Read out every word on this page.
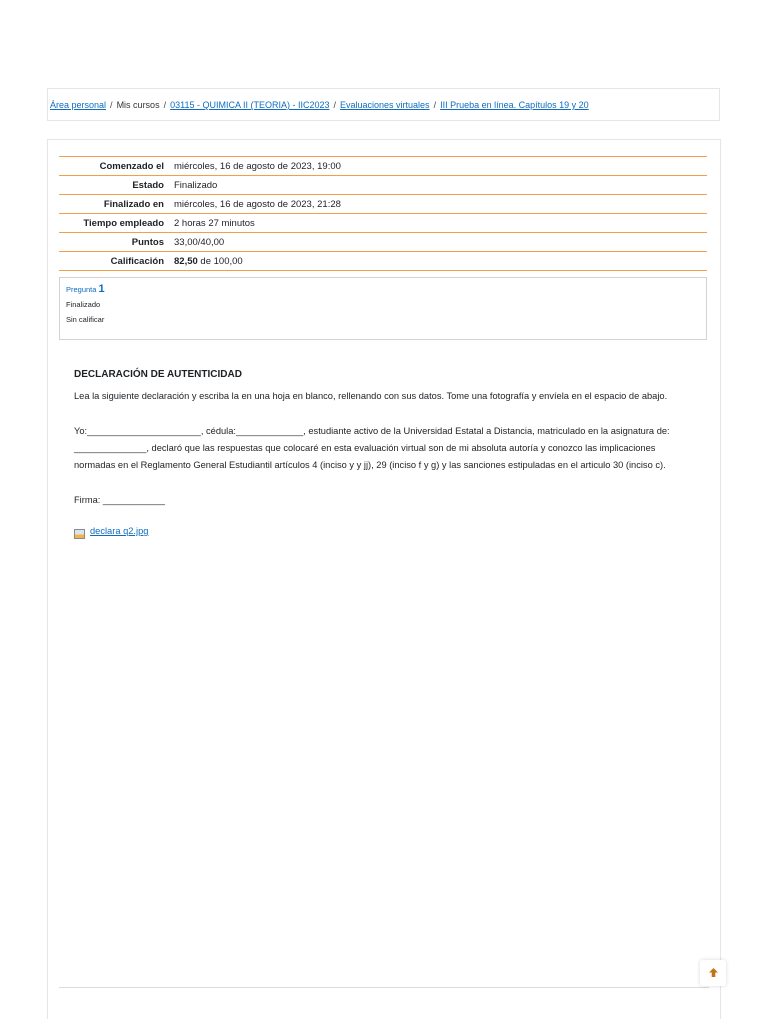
Área personal / Mis cursos / 03115 - QUIMICA II (TEORIA) - IIC2023 / Evaluaciones virtuales / III Prueba en línea. Capítulos 19 y 20
Comenzado el	miércoles, 16 de agosto de 2023, 19:00
Estado	Finalizado
Finalizado en	miércoles, 16 de agosto de 2023, 21:28
Tiempo empleado	2 horas 27 minutos
Puntos	33,00/40,00
Calificación	82,50 de 100,00
Pregunta 1
Finalizado
Sin calificar
DECLARACIÓN DE AUTENTICIDAD

Lea la siguiente declaración y escriba la en una hoja en blanco, rellenando con sus datos. Tome una fotografía y envíela en el espacio de abajo.

Yo:______________________, cédula:_____________, estudiante activo de la Universidad Estatal a Distancia, matriculado en la asignatura de: ______________, declaró que las respuestas que colocaré en esta evaluación virtual son de mi absoluta autoría y conozco las implicaciones normadas en el Reglamento General Estudiantil artículos 4 (inciso y y jj), 29 (inciso f y g) y las sanciones estipuladas en el articulo 30 (inciso c).

Firma: ____________

declara q2.jpg
